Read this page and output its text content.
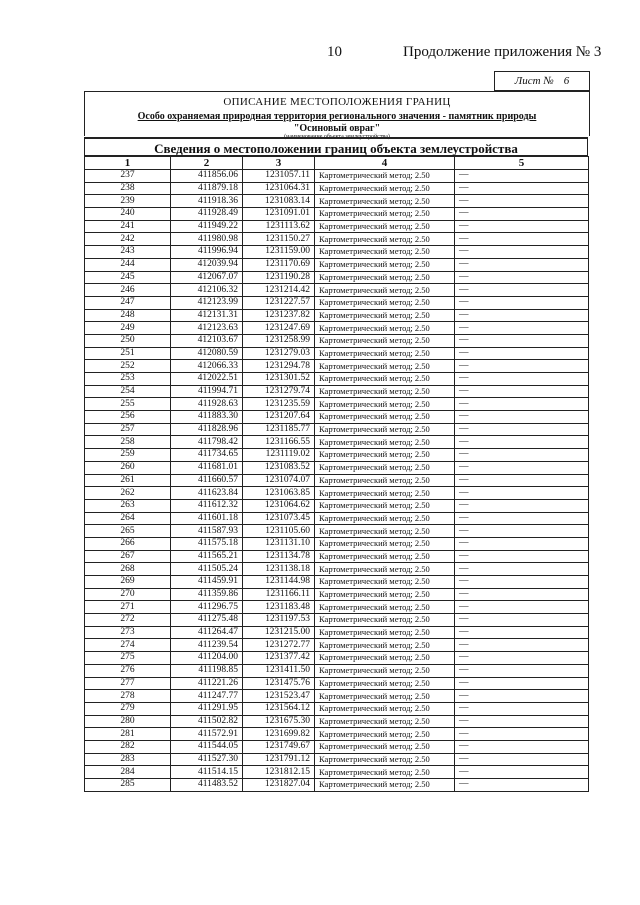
10	Продолжение приложения № 3
Лист № 6
ОПИСАНИЕ МЕСТОПОЛОЖЕНИЯ ГРАНИЦ
Особо охраняемая природная территория регионального значения - памятник природы
"Осиновый овраг"
(наименование объекта землеустройства)
Сведения о местоположении границ объекта землеустройства
1	2	3	4	5
237	411856.06	1231057.11	Картометрический метод; 2.50	—
238	411879.18	1231064.31	Картометрический метод; 2.50	—
239	411918.36	1231083.14	Картометрический метод; 2.50	—
240	411928.49	1231091.01	Картометрический метод; 2.50	—
241	411949.22	1231113.62	Картометрический метод; 2.50	—
242	411980.98	1231150.27	Картометрический метод; 2.50	—
243	411996.94	1231159.00	Картометрический метод; 2.50	—
244	412039.94	1231170.69	Картометрический метод; 2.50	—
245	412067.07	1231190.28	Картометрический метод; 2.50	—
246	412106.32	1231214.42	Картометрический метод; 2.50	—
247	412123.99	1231227.57	Картометрический метод; 2.50	—
248	412131.31	1231237.82	Картометрический метод; 2.50	—
249	412123.63	1231247.69	Картометрический метод; 2.50	—
250	412103.67	1231258.99	Картометрический метод; 2.50	—
251	412080.59	1231279.03	Картометрический метод; 2.50	—
252	412066.33	1231294.78	Картометрический метод; 2.50	—
253	412022.51	1231301.52	Картометрический метод; 2.50	—
254	411994.71	1231279.74	Картометрический метод; 2.50	—
255	411928.63	1231235.59	Картометрический метод; 2.50	—
256	411883.30	1231207.64	Картометрический метод; 2.50	—
257	411828.96	1231185.77	Картометрический метод; 2.50	—
258	411798.42	1231166.55	Картометрический метод; 2.50	—
259	411734.65	1231119.02	Картометрический метод; 2.50	—
260	411681.01	1231083.52	Картометрический метод; 2.50	—
261	411660.57	1231074.07	Картометрический метод; 2.50	—
262	411623.84	1231063.85	Картометрический метод; 2.50	—
263	411612.32	1231064.62	Картометрический метод; 2.50	—
264	411601.18	1231073.45	Картометрический метод; 2.50	—
265	411587.93	1231105.60	Картометрический метод; 2.50	—
266	411575.18	1231131.10	Картометрический метод; 2.50	—
267	411565.21	1231134.78	Картометрический метод; 2.50	—
268	411505.24	1231138.18	Картометрический метод; 2.50	—
269	411459.91	1231144.98	Картометрический метод; 2.50	—
270	411359.86	1231166.11	Картометрический метод; 2.50	—
271	411296.75	1231183.48	Картометрический метод; 2.50	—
272	411275.48	1231197.53	Картометрический метод; 2.50	—
273	411264.47	1231215.00	Картометрический метод; 2.50	—
274	411239.54	1231272.77	Картометрический метод; 2.50	—
275	411204.00	1231377.42	Картометрический метод; 2.50	—
276	411198.85	1231411.50	Картометрический метод; 2.50	—
277	411221.26	1231475.76	Картометрический метод; 2.50	—
278	411247.77	1231523.47	Картометрический метод; 2.50	—
279	411291.95	1231564.12	Картометрический метод; 2.50	—
280	411502.82	1231675.30	Картометрический метод; 2.50	—
281	411572.91	1231699.82	Картометрический метод; 2.50	—
282	411544.05	1231749.67	Картометрический метод; 2.50	—
283	411527.30	1231791.12	Картометрический метод; 2.50	—
284	411514.15	1231812.15	Картометрический метод; 2.50	—
285	411483.52	1231827.04	Картометрический метод; 2.50	—
